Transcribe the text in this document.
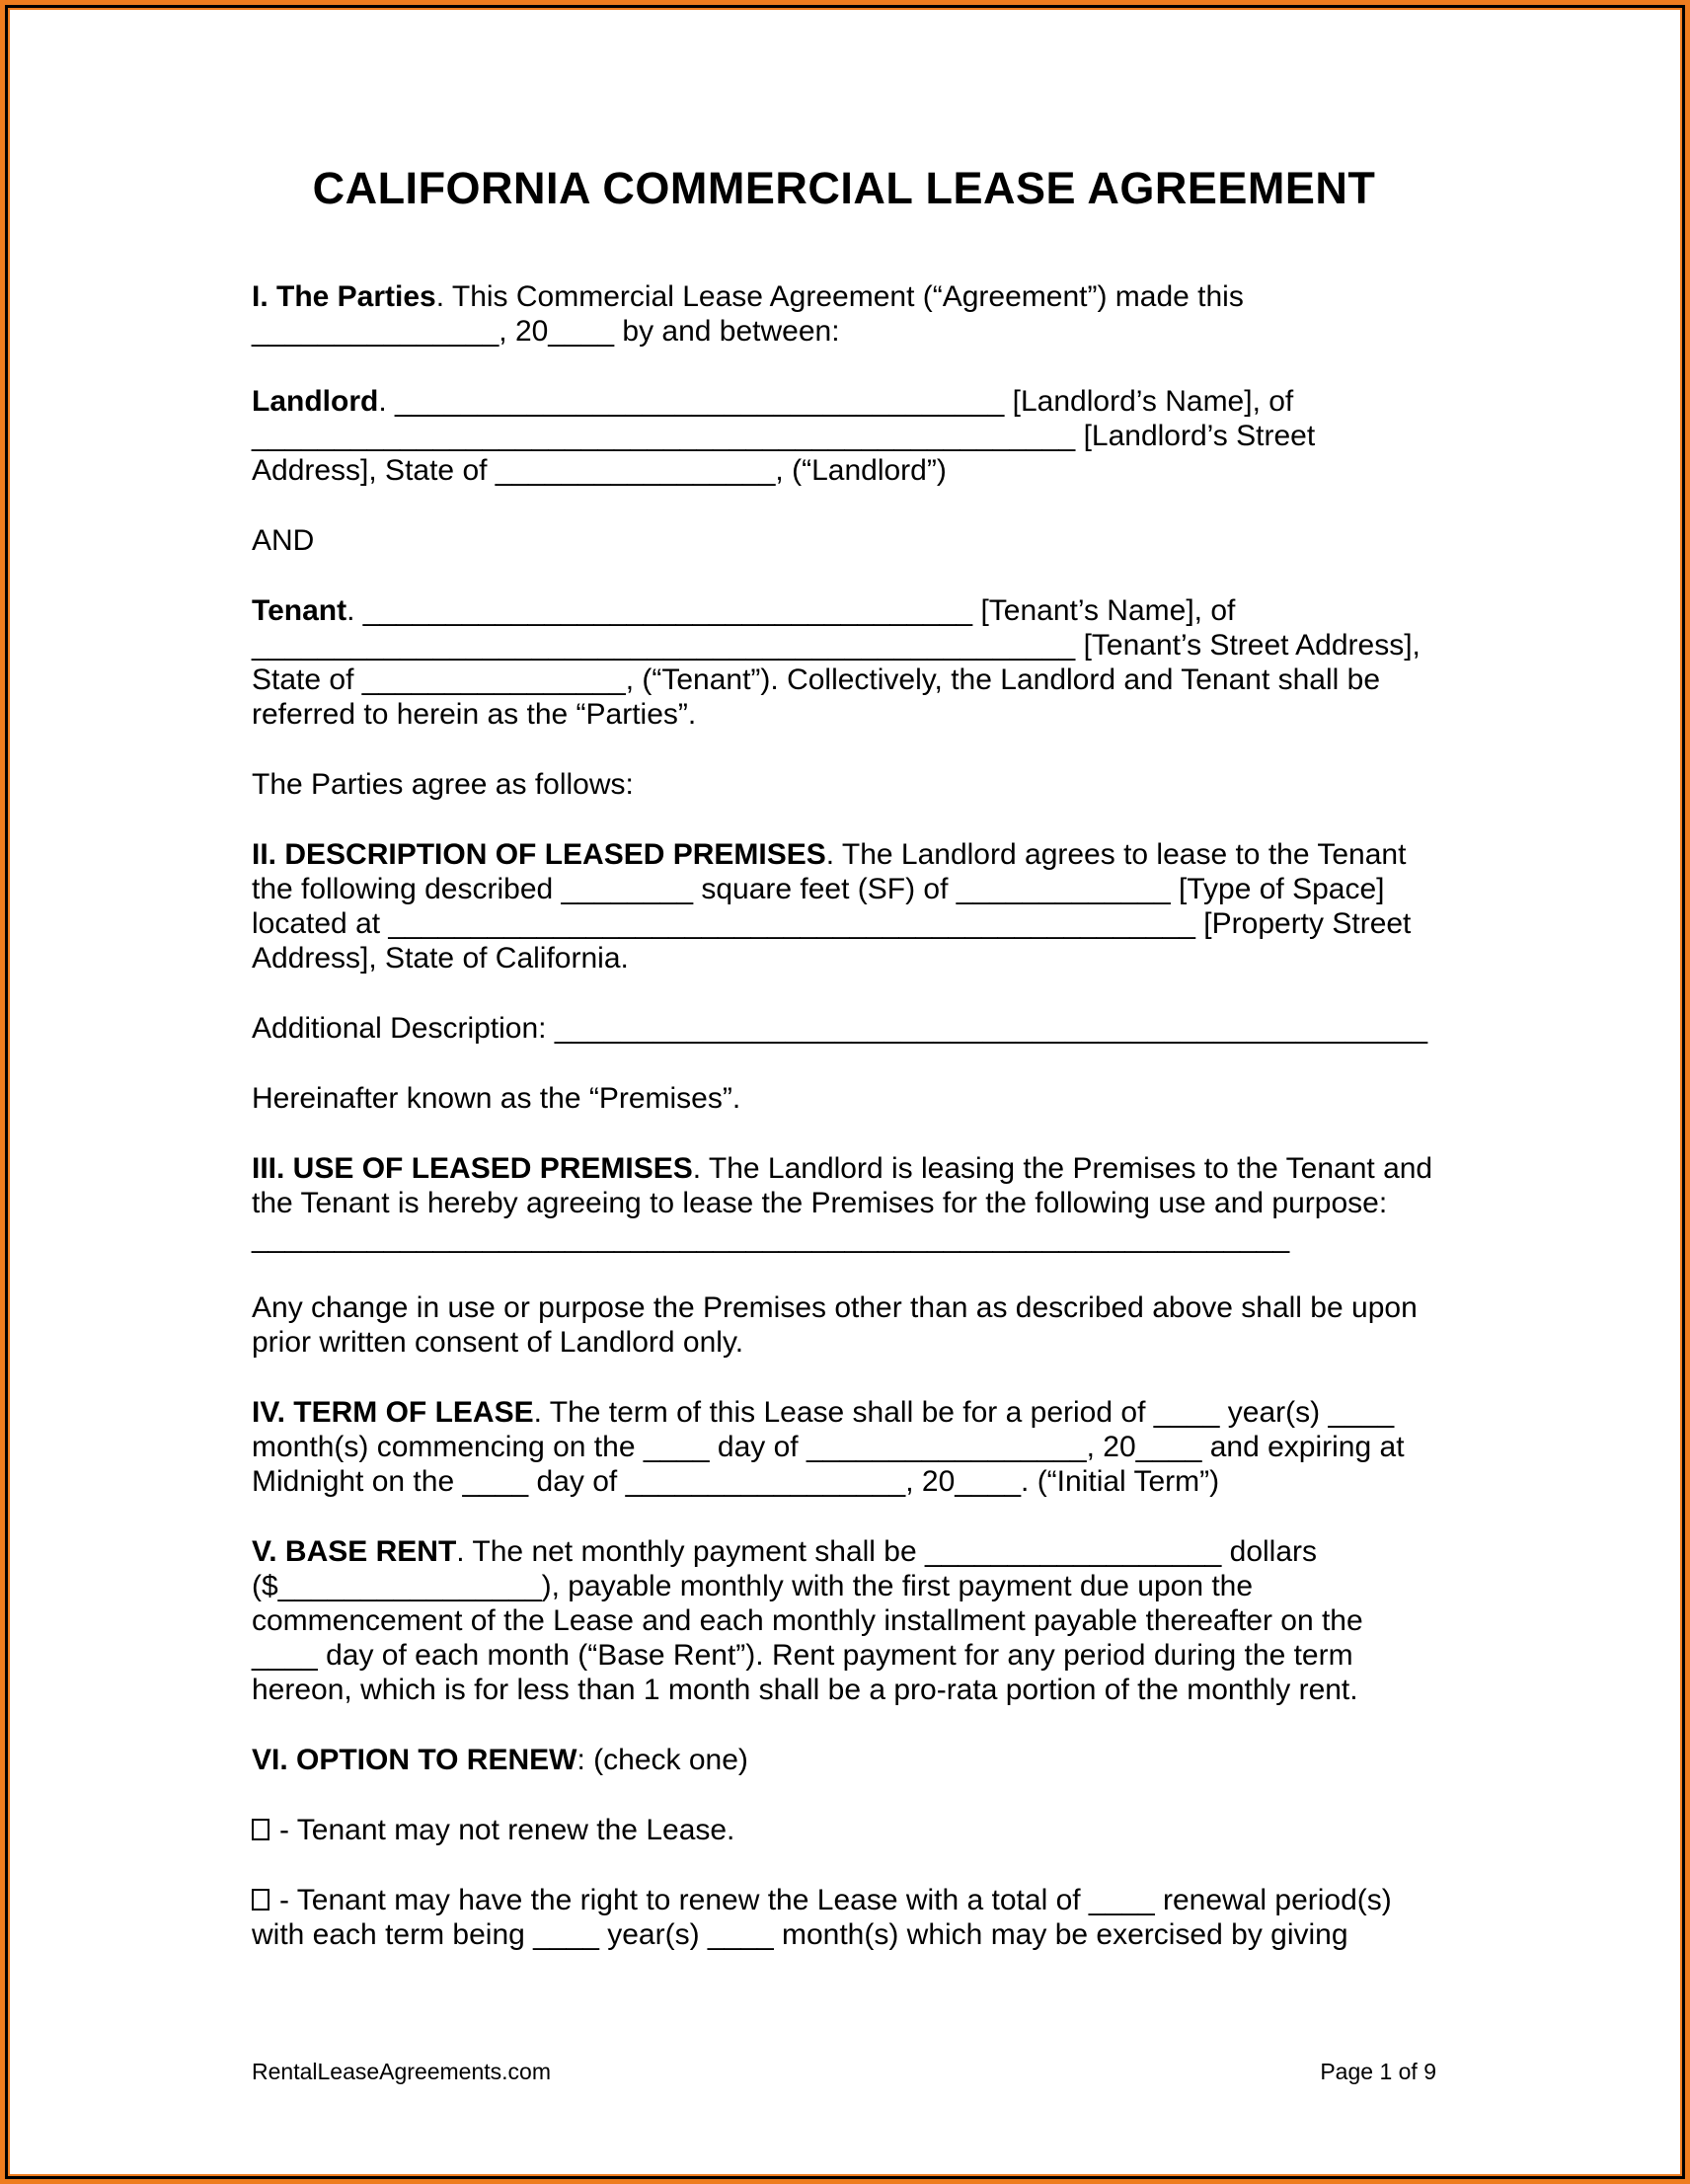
CALIFORNIA COMMERCIAL LEASE AGREEMENT

I. The Parties. This Commercial Lease Agreement (“Agreement”) made this _______________, 20____ by and between:

Landlord. _____________________________________ [Landlord’s Name], of __________________________________________________ [Landlord’s Street Address], State of _________________, (“Landlord”)

AND

Tenant. _____________________________________ [Tenant’s Name], of __________________________________________________ [Tenant’s Street Address], State of ________________, (“Tenant”). Collectively, the Landlord and Tenant shall be referred to herein as the “Parties”.

The Parties agree as follows:

II. DESCRIPTION OF LEASED PREMISES. The Landlord agrees to lease to the Tenant the following described ________ square feet (SF) of _____________ [Type of Space] located at _________________________________________________ [Property Street Address], State of California.

Additional Description: _____________________________________________________

Hereinafter known as the “Premises”.

III. USE OF LEASED PREMISES. The Landlord is leasing the Premises to the Tenant and the Tenant is hereby agreeing to lease the Premises for the following use and purpose: _______________________________________________________________

Any change in use or purpose the Premises other than as described above shall be upon prior written consent of Landlord only.

IV. TERM OF LEASE. The term of this Lease shall be for a period of ____ year(s) ____ month(s) commencing on the ____ day of _________________, 20____ and expiring at Midnight on the ____ day of _________________, 20____. (“Initial Term”)

V. BASE RENT. The net monthly payment shall be __________________ dollars ($________________), payable monthly with the first payment due upon the commencement of the Lease and each monthly installment payable thereafter on the ____ day of each month (“Base Rent”). Rent payment for any period during the term hereon, which is for less than 1 month shall be a pro-rata portion of the monthly rent.

VI. OPTION TO RENEW: (check one)

- Tenant may not renew the Lease.

- Tenant may have the right to renew the Lease with a total of ____ renewal period(s) with each term being ____ year(s) ____ month(s) which may be exercised by giving

RentalLeaseAgreements.com	Page 1 of 9
